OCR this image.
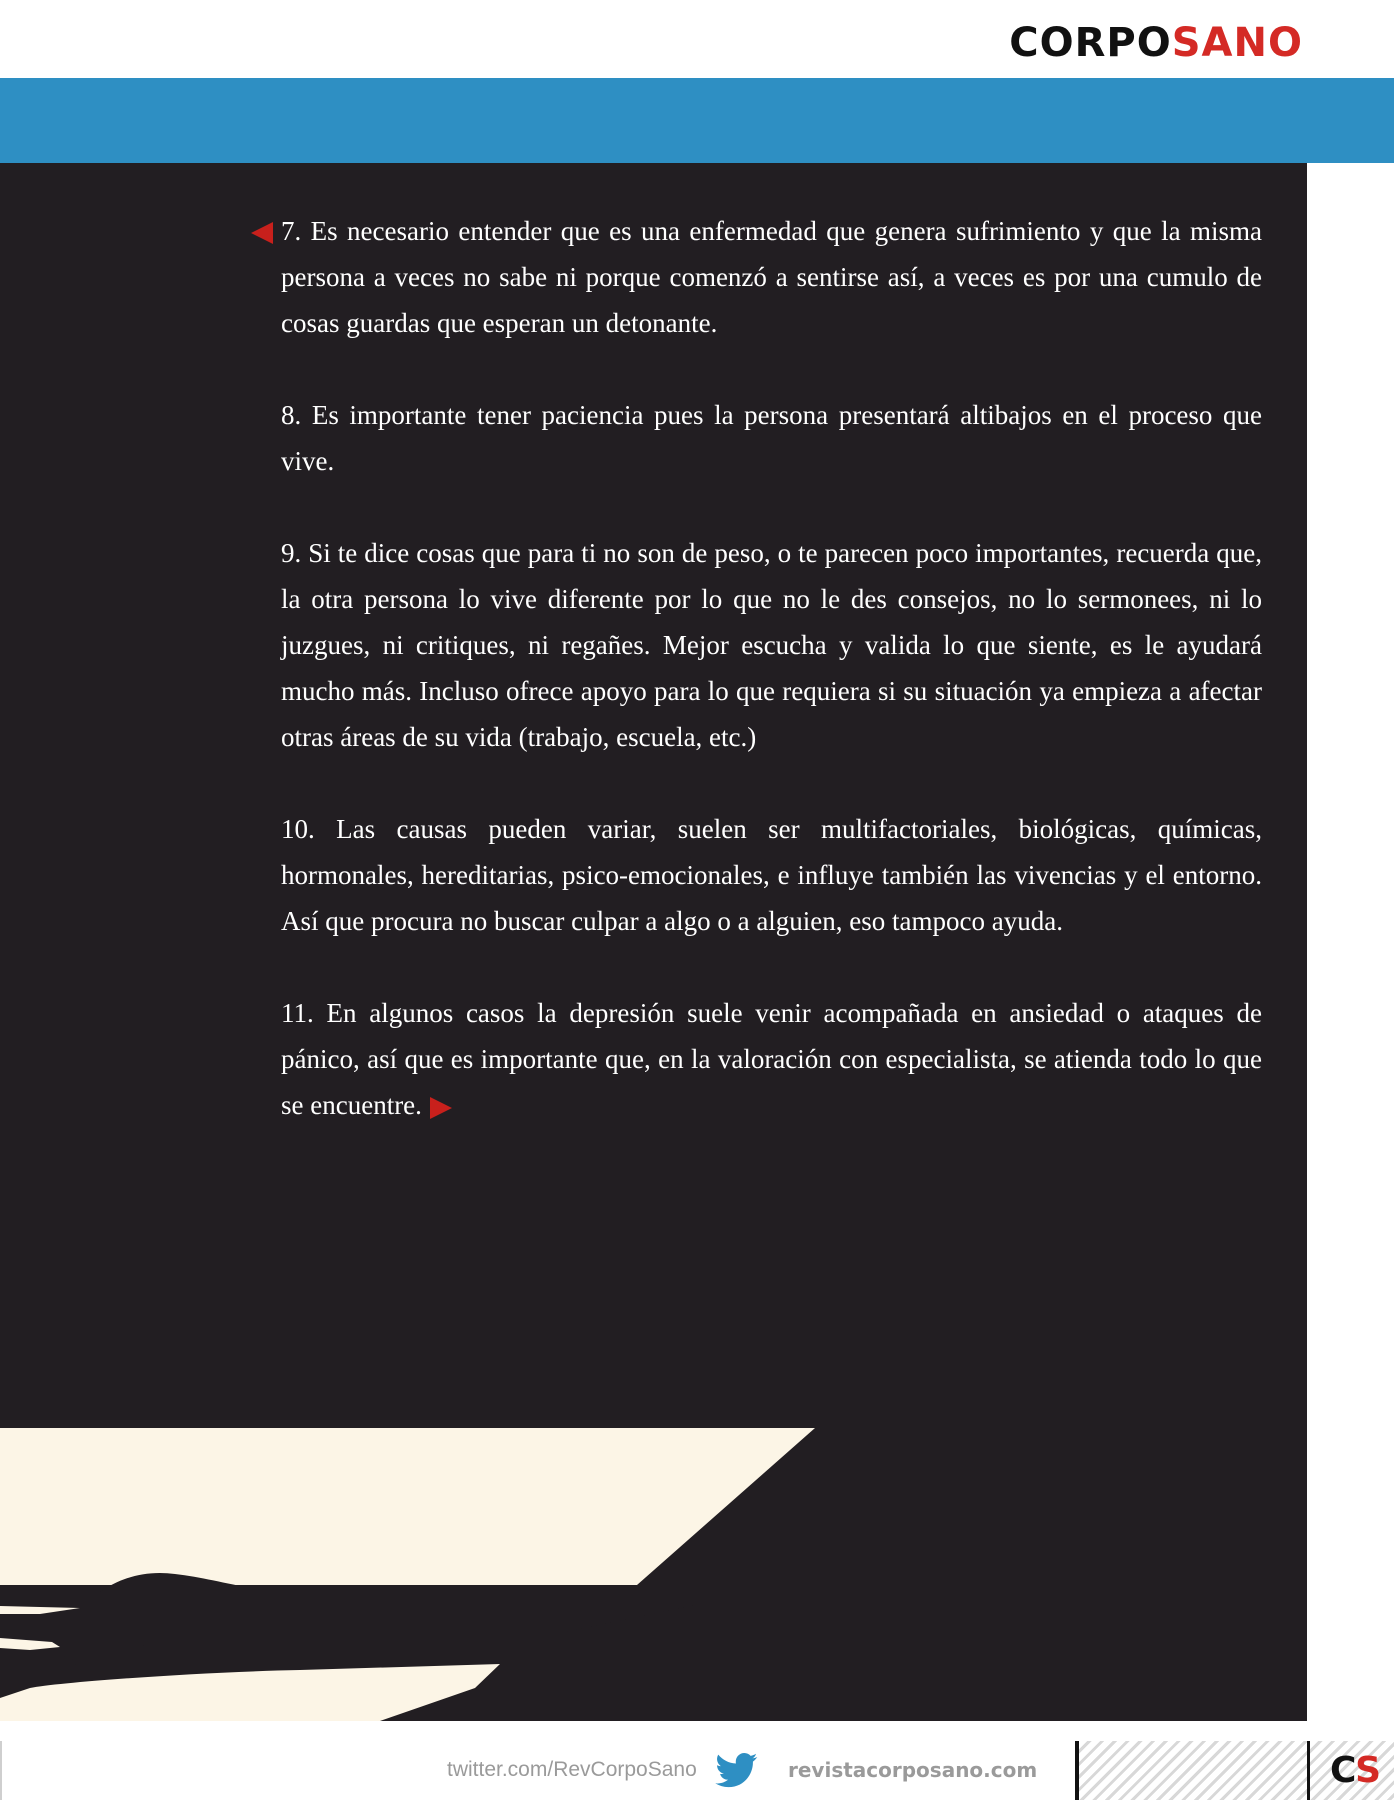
CORPOSANO

7. Es necesario entender que es una enfermedad que genera sufrimiento y que la misma persona a veces no sabe ni porque comenzó a sentirse así, a veces es por una cumulo de cosas guardas que esperan un detonante.

8. Es importante tener paciencia pues la persona presentará altibajos en el proceso que vive.

9. Si te dice cosas que para ti no son de peso, o te parecen poco importantes, recuerda que, la otra persona lo vive diferente por lo que no le des consejos, no lo sermonees, ni lo juzgues, ni critiques, ni regañes. Mejor escucha y valida lo que siente, es le ayudará mucho más. Incluso ofrece apoyo para lo que requiera si su situación ya empieza a afectar otras áreas de su vida (trabajo, escuela, etc.)

10. Las causas pueden variar, suelen ser multifactoriales, biológicas, químicas, hormonales, hereditarias, psico-emocionales, e influye también las vivencias y el entorno. Así que procura no buscar culpar a algo o a alguien, eso tampoco ayuda.

11. En algunos casos la depresión suele venir acompañada en ansiedad o ataques de pánico, así que es importante que, en la valoración con especialista, se atienda todo lo que se encuentre.

twitter.com/RevCorpoSano	revistacorposano.com	CS
